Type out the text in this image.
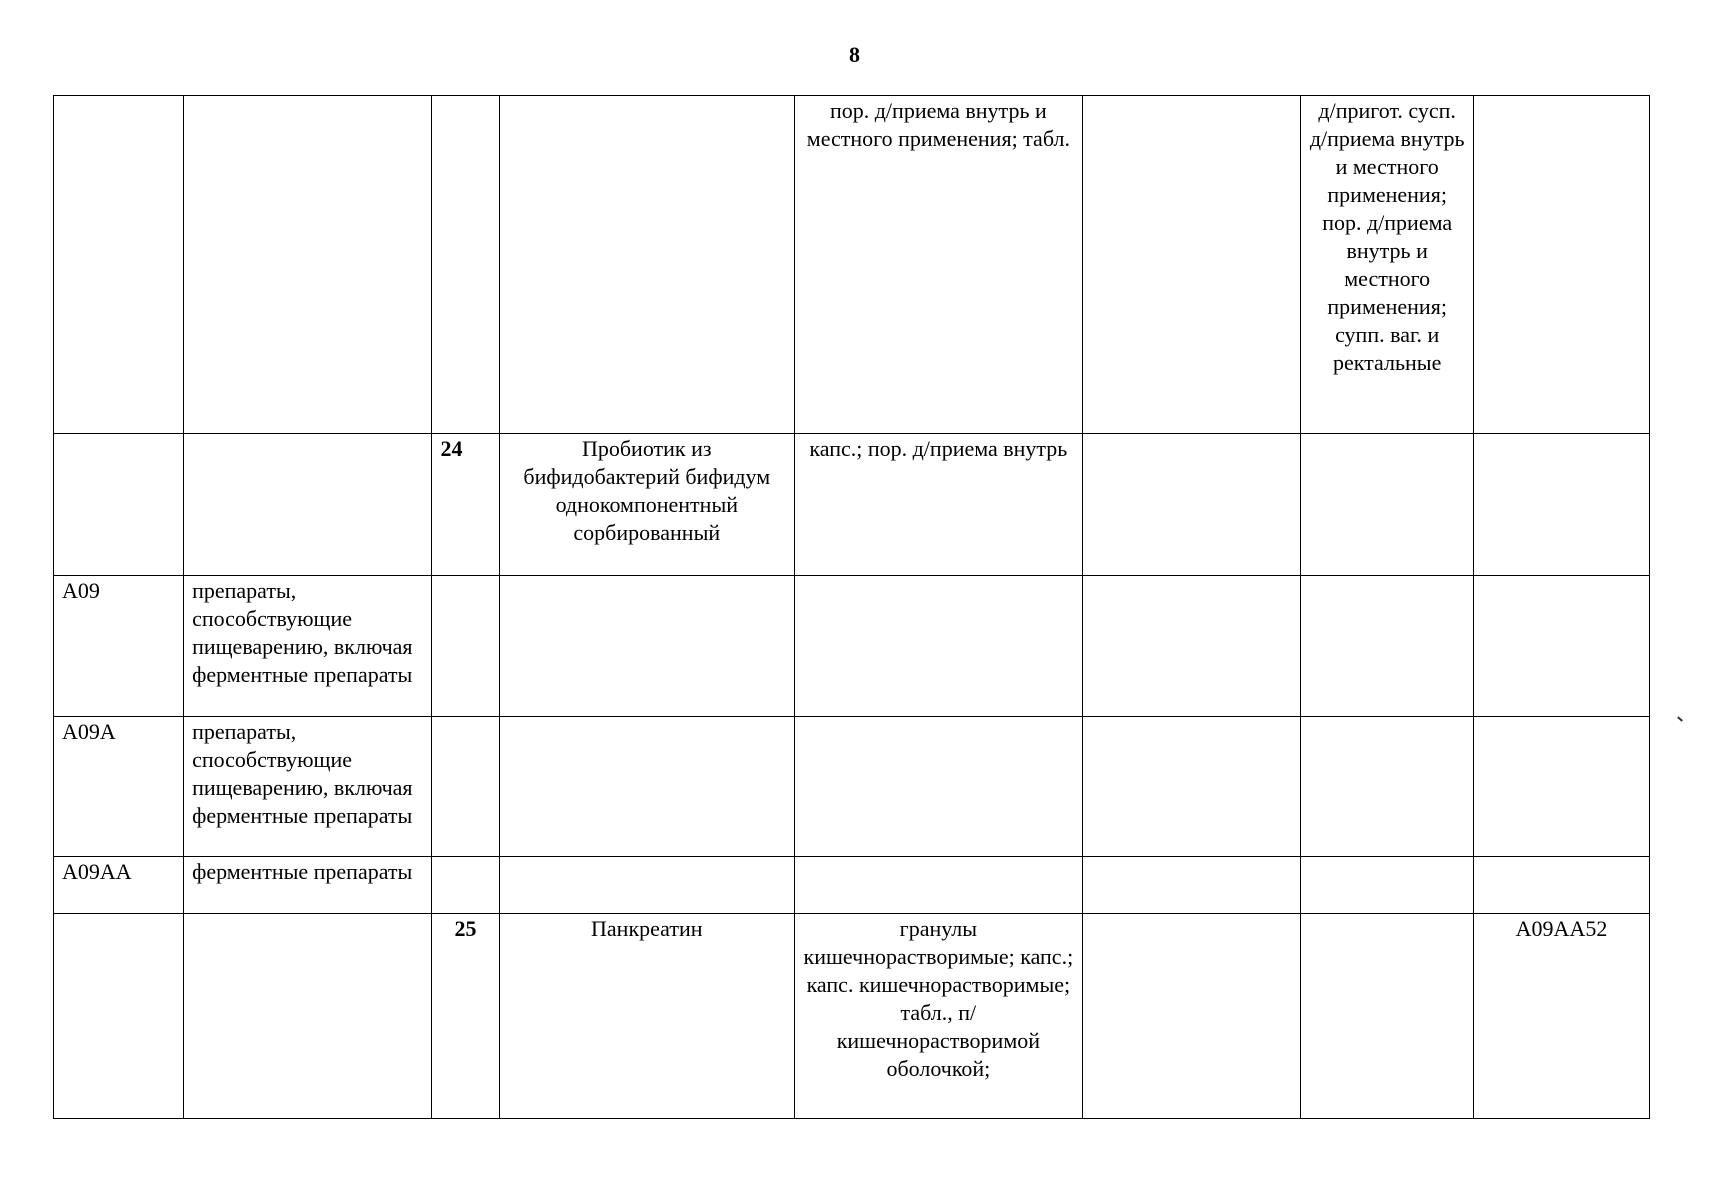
8
				пор. д/приема внутрь и местного применения; табл.		д/пригот. сусп. д/приема внутрь и местного применения; пор. д/приема внутрь и местного применения; супп. ваг. и ректальные	
		24	Пробиотик из бифидобактерий бифидум однокомпонентный сорбированный	капс.; пор. д/приема внутрь			
А09	препараты, способствующие пищеварению, включая ферментные препараты						
А09А	препараты, способствующие пищеварению, включая ферментные препараты						
А09АА	ферментные препараты						
		25	Панкреатин	гранулы кишечнорастворимые; капс.; капс. кишечнорастворимые; табл., п/кишечнорастворимой оболочкой;			А09АА52
